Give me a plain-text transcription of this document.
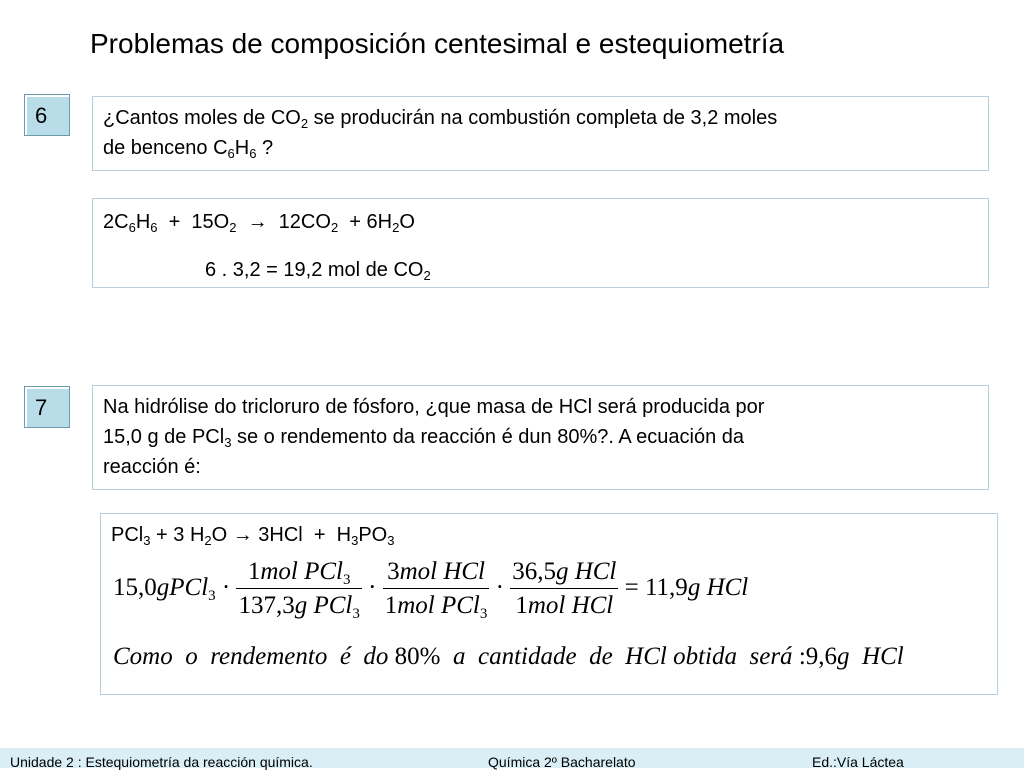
Problemas de composición centesimal e estequiometría
6	¿Cantos moles de $CO_2$ se producirán na combustión completa de 3,2 moles
de benceno $C_6H_6$ ?
$2C_6H_6 + 15O_2 \to 12CO_2 + 6H_2O$
6 . 3,2 = 19,2 mol de $CO_2$
7	Na hidrólise do tricloruro de fósforo, ¿que masa de HCl será producida por
15,0 g de PCl$_3$ se o rendemento da reacción é dun 80%?. A ecuación da
reacción é:
PCl$_3$ + 3 $H_2O \to 3HCl + H_3PO_3$
15,0gPCl$_3$ · $\frac{1mol PCl_3}{137,3g PCl_3} \cdot \frac{\text{3mol HCl}}{1mol PCl_3} \cdot \frac{\text{36,5g HCl}}{\text{1mol HCl}} = 11,9g$ HCl
Como  o  rendemento  é  do 80%  a  cantidade  de  HCl obtida  será :9,6g  HCl
Unidade 2 : Estequiometría da reacción química.	Química 2º Bacharelato	Ed.:Vía Láctea
